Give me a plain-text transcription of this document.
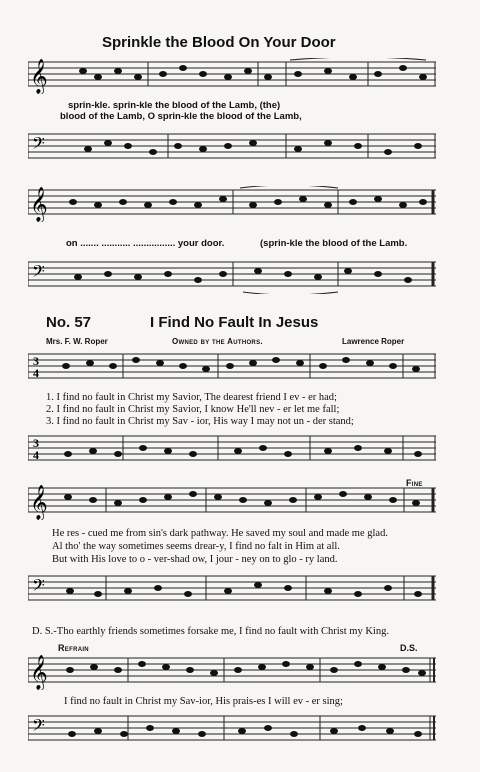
Sprinkle the Blood On Your Door
𝄞
sprin-kle. sprin-kle the blood of the Lamb, (the)
blood of the Lamb, O sprin-kle the blood of the Lamb,
𝄢
𝄞
on ....... ........... ................ your door.	(sprin-kle the blood of the Lamb.
𝄢
No. 57	I Find No Fault In Jesus
Mrs. F. W. Roper	Owned by the Authors.	Lawrence Roper
3
4
1. I find no fault in Christ my Savior, The dearest friend I ev - er had;
2. I find no fault in Christ my Savior, I know He'll nev - er let me fall;
3. I find no fault in Christ my Sav - ior, His way I may not un - der stand;
3
4
𝄞
Fine
He res - cued me from sin's dark pathway. He saved my soul and made me glad.
Al tho' the way sometimes seems drear-y, I find no falt in Him at all.
But with His love to o - ver-shad ow, I jour - ney on to glo - ry land.
𝄢
D. S.-Tho earthly friends sometimes forsake me, I find no fault with Christ my King.
Refrain	D.S.
𝄞
I find no fault in Christ my Sav-ior, His prais-es I will ev - er sing;
𝄢
